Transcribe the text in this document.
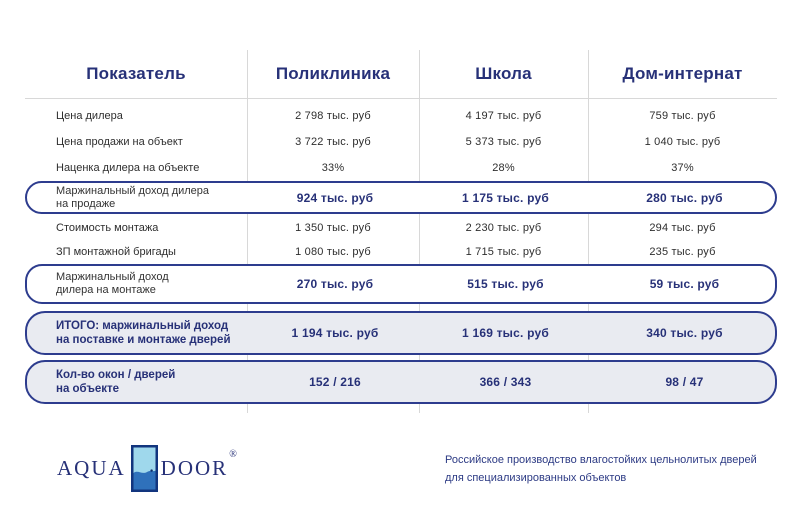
Показатель	Поликлиника	Школа	Дом-интернат
Цена дилера	2 798 тыс. руб	4 197 тыс. руб	759 тыс. руб
Цена продажи на объект	3 722 тыс. руб	5 373 тыс. руб	1 040 тыс. руб
Наценка дилера на объекте	33%	28%	37%
Маржинальный доход дилера
на продаже	924 тыс. руб	1 175 тыс. руб	280 тыс. руб
Стоимость монтажа	1 350 тыс. руб	2 230 тыс. руб	294 тыс. руб
ЗП монтажной бригады	1 080 тыс. руб	1 715 тыс. руб	235 тыс. руб
Маржинальный доход
дилера на монтаже	270 тыс. руб	515 тыс. руб	59 тыс. руб
ИТОГО: маржинальный доход
на поставке и монтаже дверей	1 194 тыс. руб	1 169 тыс. руб	340 тыс. руб
Кол-во окон / дверей
на объекте	152 / 216	366 / 343	98 / 47
AQUA DOOR®	Российское производство влагостойких цельнолитых дверей
для специализированных объектов
